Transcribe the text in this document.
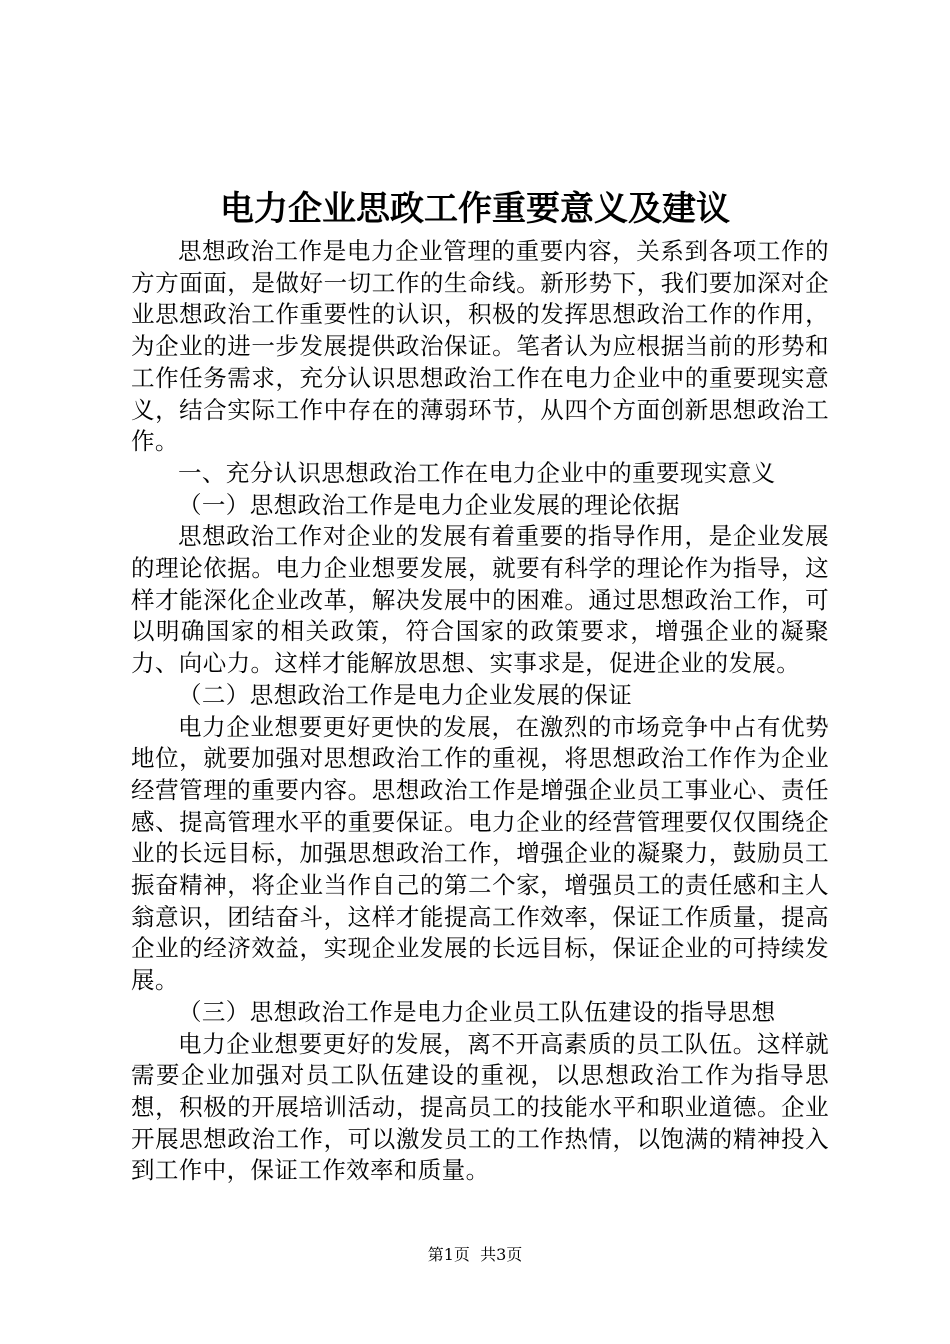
电力企业思政工作重要意义及建议

思想政治工作是电力企业管理的重要内容，关系到各项工作的方方面面，是做好一切工作的生命线。新形势下，我们要加深对企业思想政治工作重要性的认识，积极的发挥思想政治工作的作用，为企业的进一步发展提供政治保证。笔者认为应根据当前的形势和工作任务需求，充分认识思想政治工作在电力企业中的重要现实意义，结合实际工作中存在的薄弱环节，从四个方面创新思想政治工作。

一、充分认识思想政治工作在电力企业中的重要现实意义

（一）思想政治工作是电力企业发展的理论依据

思想政治工作对企业的发展有着重要的指导作用，是企业发展的理论依据。电力企业想要发展，就要有科学的理论作为指导，这样才能深化企业改革，解决发展中的困难。通过思想政治工作，可以明确国家的相关政策，符合国家的政策要求，增强企业的凝聚力、向心力。这样才能解放思想、实事求是，促进企业的发展。

（二）思想政治工作是电力企业发展的保证

电力企业想要更好更快的发展，在激烈的市场竞争中占有优势地位，就要加强对思想政治工作的重视，将思想政治工作作为企业经营管理的重要内容。思想政治工作是增强企业员工事业心、责任感、提高管理水平的重要保证。电力企业的经营管理要仅仅围绕企业的长远目标，加强思想政治工作，增强企业的凝聚力，鼓励员工振奋精神，将企业当作自己的第二个家，增强员工的责任感和主人翁意识，团结奋斗，这样才能提高工作效率，保证工作质量，提高企业的经济效益，实现企业发展的长远目标，保证企业的可持续发展。

（三）思想政治工作是电力企业员工队伍建设的指导思想

电力企业想要更好的发展，离不开高素质的员工队伍。这样就需要企业加强对员工队伍建设的重视，以思想政治工作为指导思想，积极的开展培训活动，提高员工的技能水平和职业道德。企业开展思想政治工作，可以激发员工的工作热情，以饱满的精神投入到工作中，保证工作效率和质量。

第1页 共3页
